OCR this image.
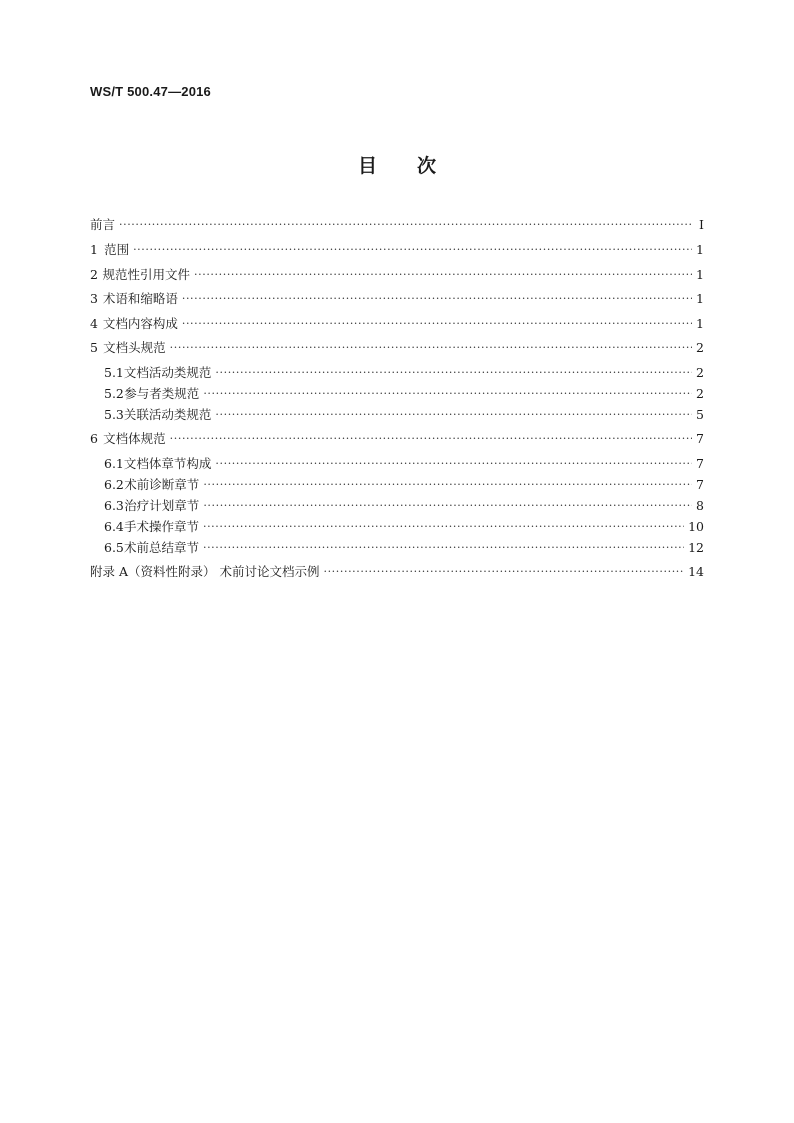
WS/T 500.47—2016
目 次
前言 ·····	I
1 范围 ·····	1
2 规范性引用文件 ·····	1
3 术语和缩略语 ·····	1
4 文档内容构成 ·····	1
5 文档头规范 ·····	2
5.1 文档活动类规范 ·····	2
5.2 参与者类规范 ·····	2
5.3 关联活动类规范 ·····	5
6 文档体规范 ·····	7
6.1 文档体章节构成 ·····	7
6.2 术前诊断章节 ·····	7
6.3 治疗计划章节 ·····	8
6.4 手术操作章节 ·····	10
6.5 术前总结章节 ·····	12
附录 A（资料性附录） 术前讨论文档示例 ·····	14
